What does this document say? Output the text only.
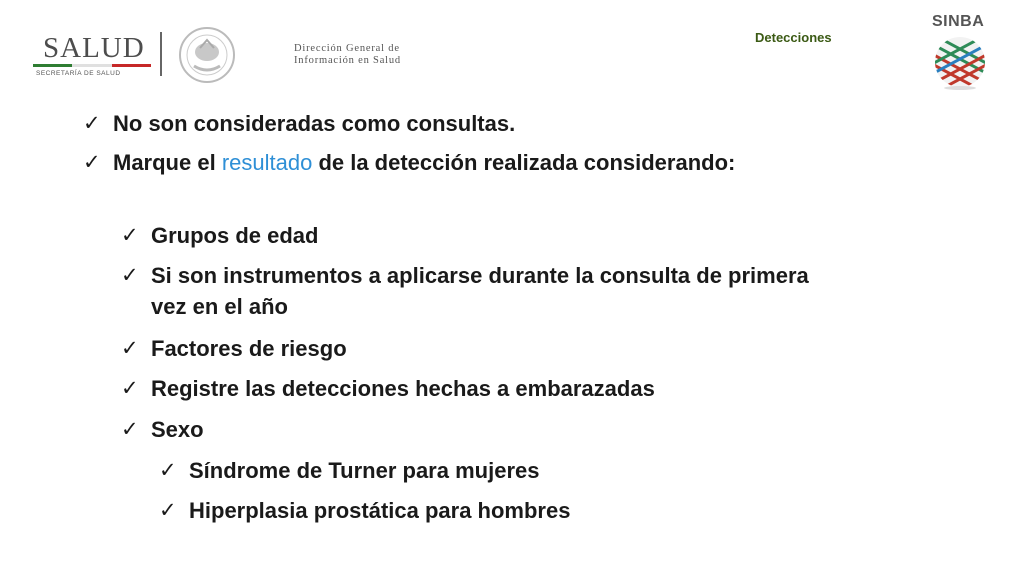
SALUD
SECRETARÍA DE SALUD
Dirección General de
Información en Salud
Detecciones
SINBA
✓ No son consideradas como consultas.
✓ Marque el resultado de la detección realizada considerando:
✓ Grupos de edad
✓ Si son instrumentos a aplicarse durante la consulta de primera vez en el año
✓ Factores de riesgo
✓ Registre las detecciones hechas a embarazadas
✓ Sexo
✓ Síndrome de Turner para mujeres
✓ Hiperplasia prostática para hombres
